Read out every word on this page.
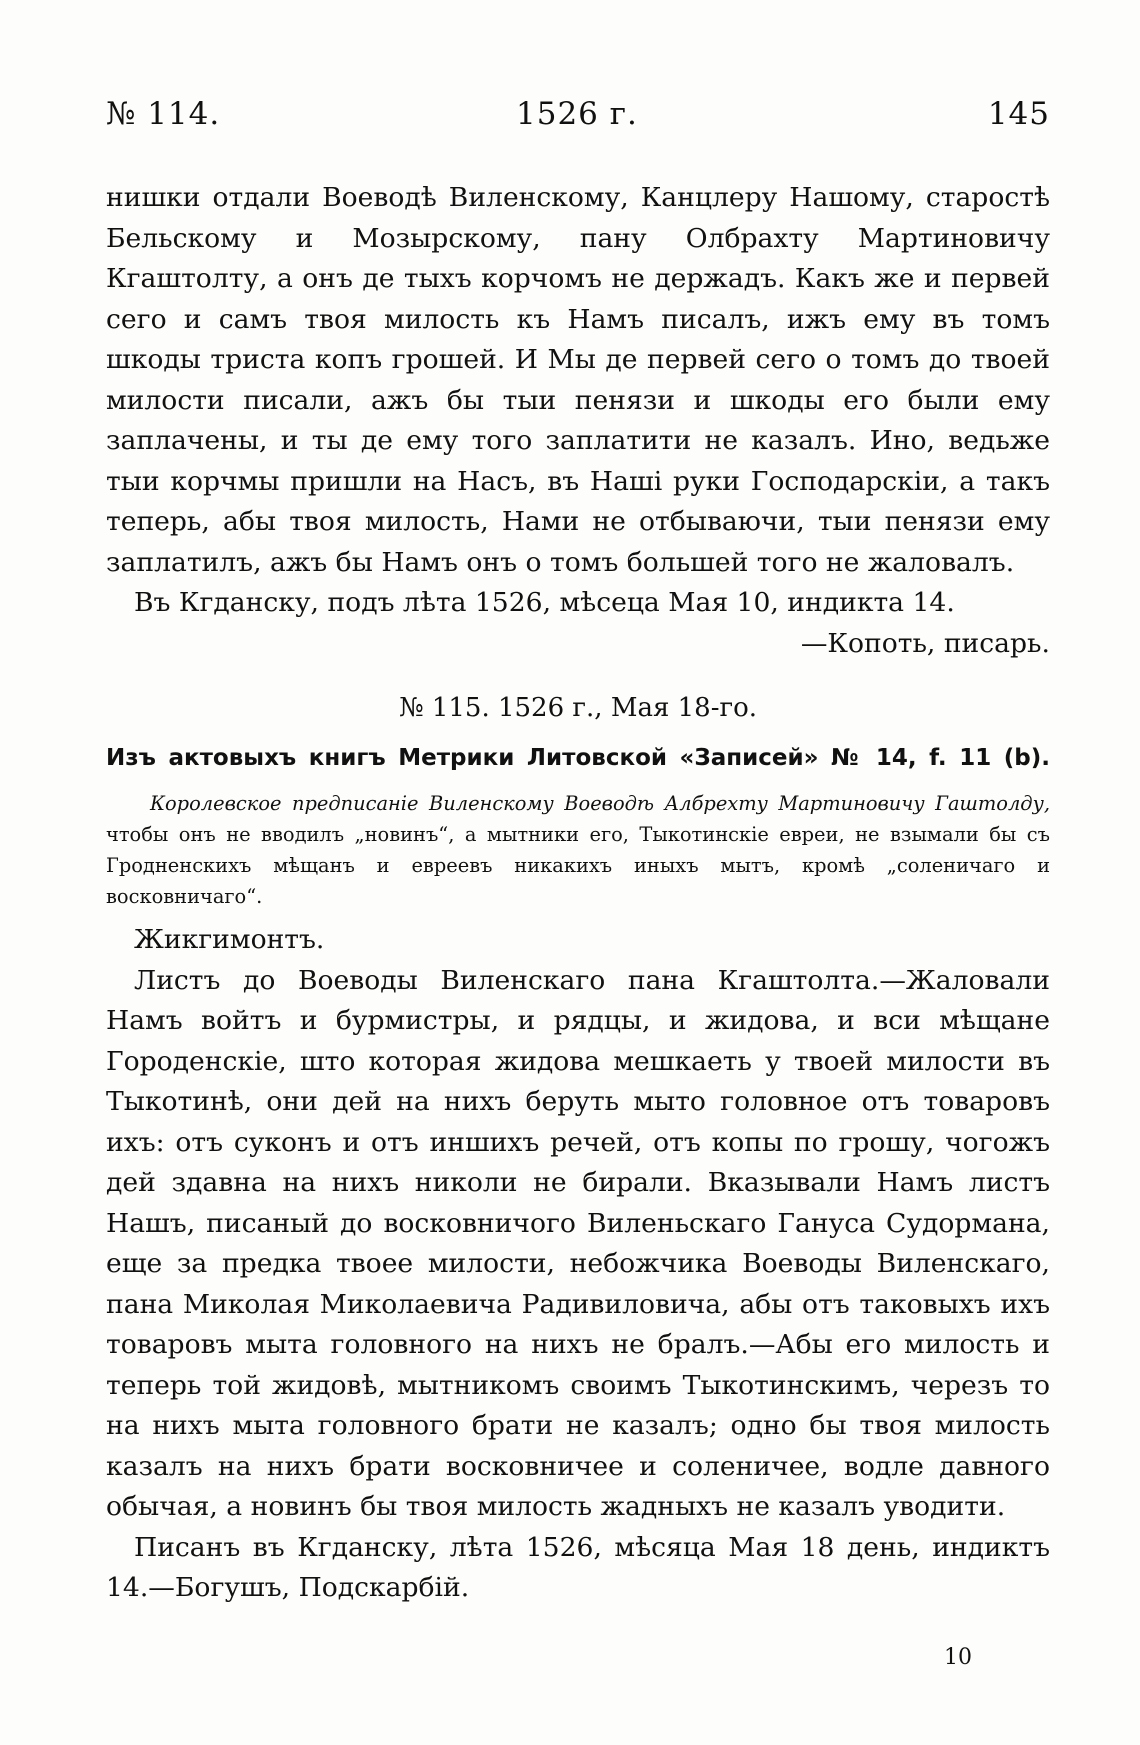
№ 114.	1526 г.	145

нишки отдали Воеводѣ Виленскому, Канцлеру Нашому, старостѣ Бельскому и Мозырскому, пану Олбрахту Мартиновичу Кгаштолту, а онъ де тыхъ корчомъ не держадъ. Какъ же и первей сего и самъ твоя милость къ Намъ писалъ, ижъ ему въ томъ шкоды триста копъ грошей. И Мы де первей сего о томъ до твоей милости писали, ажъ бы тыи пенязи и шкоды его были ему заплачены, и ты де ему того заплатити не казалъ. Ино, ведьже тыи корчмы пришли на Насъ, въ Нашi руки Господарскіи, а такъ теперь, абы твоя милость, Нами не отбываючи, тыи пенязи ему заплатилъ, ажъ бы Намъ онъ о томъ большей того не жаловалъ.

Въ Кгданску, подъ лѣта 1526, мѣсеца Мая 10, индикта 14.

—Копоть, писарь.

№ 115. 1526 г., Мая 18-го.
Изъ актовыхъ книгъ Метрики Литовской «Записей» № 14, f. 11 (b).
Королевское предписаніе Виленскому Воеводѣ Албрехту Мартиновичу Гаштолду, чтобы онъ не вводилъ „новинъ“, а мытники его, Тыкотинскіе евреи, не взымали бы съ Гродненскихъ мѣщанъ и евреевъ никакихъ иныхъ мытъ, кромѣ „соленичаго и восковничаго“.

Жикгимонтъ.

Листъ до Воеводы Виленскаго пана Кгаштолта.—Жаловали Намъ войтъ и бурмистры, и рядцы, и жидова, и вси мѣщане Городенскіе, што которая жидова мешкаеть у твоей милости въ Тыкотинѣ, они дей на нихъ беруть мыто головное отъ товаровъ ихъ: отъ суконъ и отъ иншихъ речей, отъ копы по грошу, чогожъ дей здавна на нихъ николи не бирали. Вказывали Намъ листъ Нашъ, писаный до восковничого Виленьскаго Гануса Судормана, еще за предка твоее милости, небожчика Воеводы Виленскаго, пана Миколая Миколаевича Радивиловича, абы отъ таковыхъ ихъ товаровъ мыта головного на нихъ не бралъ.—Абы его милость и теперь той жидовѣ, мытникомъ своимъ Тыкотинскимъ, черезъ то на нихъ мыта головного брати не казалъ; одно бы твоя милость казалъ на нихъ брати восковничее и соленичее, водле давного обычая, а новинъ бы твоя милость жадныхъ не казалъ уводити.

Писанъ въ Кгданску, лѣта 1526, мѣсяца Мая 18 день, индиктъ 14.—Богушъ, Подскарбій.

10
